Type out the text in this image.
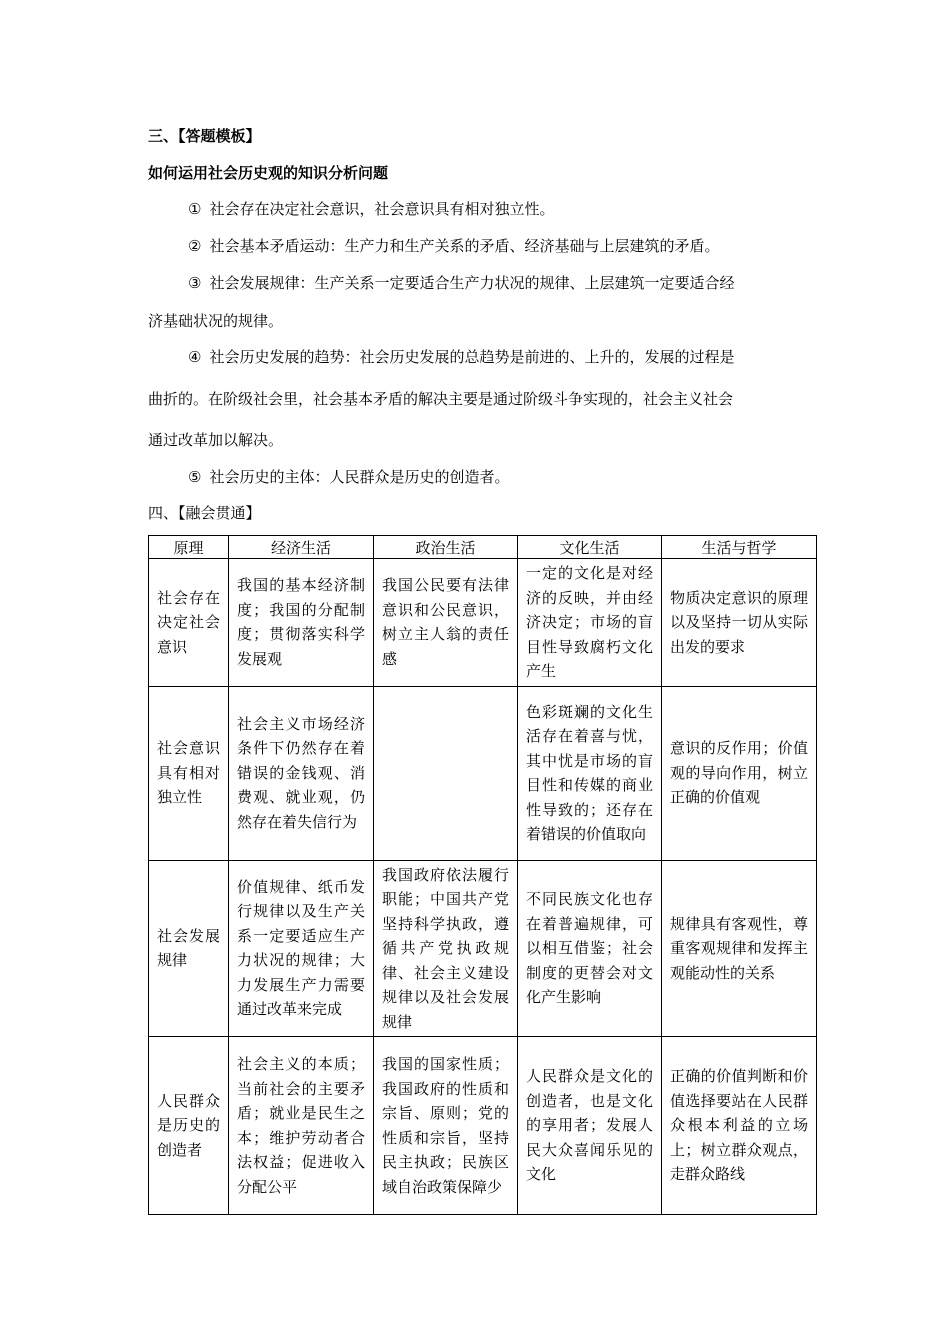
三、【答题模板】
如何运用社会历史观的知识分析问题
① 社会存在决定社会意识，社会意识具有相对独立性。
② 社会基本矛盾运动：生产力和生产关系的矛盾、经济基础与上层建筑的矛盾。
③ 社会发展规律：生产关系一定要适合生产力状况的规律、上层建筑一定要适合经
济基础状况的规律。
④ 社会历史发展的趋势：社会历史发展的总趋势是前进的、上升的，发展的过程是
曲折的。在阶级社会里，社会基本矛盾的解决主要是通过阶级斗争实现的，社会主义社会
通过改革加以解决。
⑤ 社会历史的主体：人民群众是历史的创造者。
四、【融会贯通】
原理	经济生活	政治生活	文化生活	生活与哲学
社会存在决定社会意识	我国的基本经济制度；我国的分配制度；贯彻落实科学发展观	我国公民要有法律意识和公民意识，树立主人翁的责任感	一定的文化是对经济的反映，并由经济决定；市场的盲目性导致腐朽文化产生	物质决定意识的原理以及坚持一切从实际出发的要求
社会意识具有相对独立性	社会主义市场经济条件下仍然存在着错误的金钱观、消费观、就业观，仍然存在着失信行为		色彩斑斓的文化生活存在着喜与忧，其中忧是市场的盲目性和传媒的商业性导致的；还存在着错误的价值取向	意识的反作用；价值观的导向作用，树立正确的价值观
社会发展规律	价值规律、纸币发行规律以及生产关系一定要适应生产力状况的规律；大力发展生产力需要通过改革来完成	我国政府依法履行职能；中国共产党坚持科学执政，遵循共产党执政规律、社会主义建设规律以及社会发展规律	不同民族文化也存在着普遍规律，可以相互借鉴；社会制度的更替会对文化产生影响	规律具有客观性，尊重客观规律和发挥主观能动性的关系
人民群众是历史的创造者	社会主义的本质；当前社会的主要矛盾；就业是民生之本；维护劳动者合法权益；促进收入分配公平	我国的国家性质；我国政府的性质和宗旨、原则；党的性质和宗旨，坚持民主执政；民族区域自治政策保障少	人民群众是文化的创造者，也是文化的享用者；发展人民大众喜闻乐见的文化	正确的价值判断和价值选择要站在人民群众根本利益的立场上；树立群众观点，走群众路线
